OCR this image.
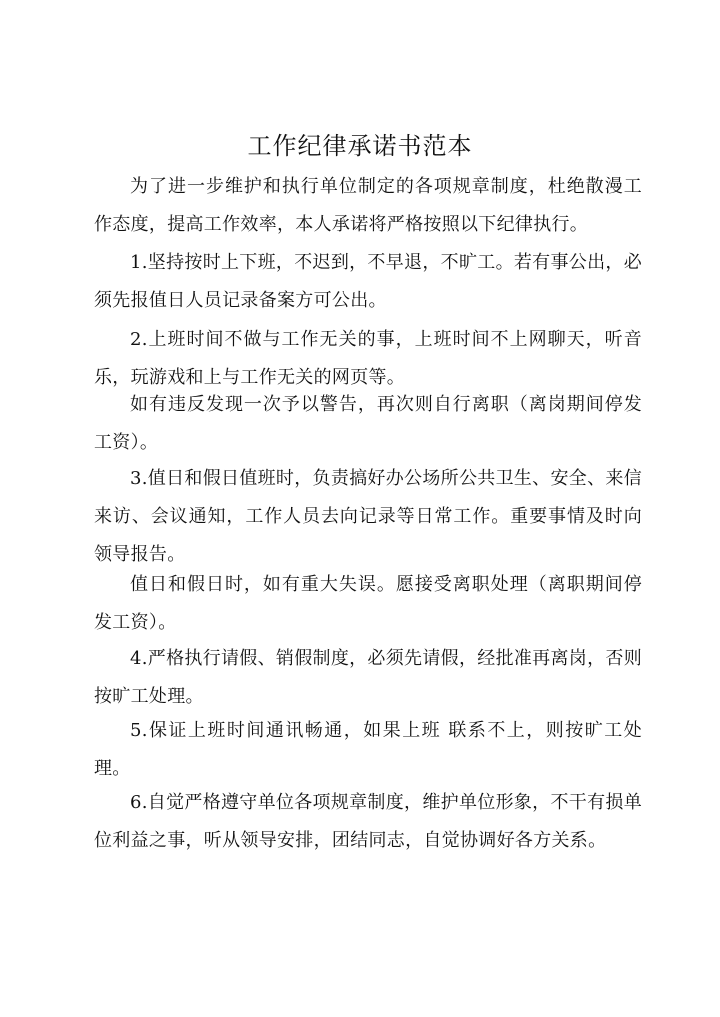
工作纪律承诺书范本

为了进一步维护和执行单位制定的各项规章制度，杜绝散漫工作态度，提高工作效率，本人承诺将严格按照以下纪律执行。

1.坚持按时上下班，不迟到，不早退，不旷工。若有事公出，必须先报值日人员记录备案方可公出。

2.上班时间不做与工作无关的事，上班时间不上网聊天，听音乐，玩游戏和上与工作无关的网页等。

如有违反发现一次予以警告，再次则自行离职（离岗期间停发工资）。

3.值日和假日值班时，负责搞好办公场所公共卫生、安全、来信来访、会议通知，工作人员去向记录等日常工作。重要事情及时向领导报告。

值日和假日时，如有重大失误。愿接受离职处理（离职期间停发工资）。

4.严格执行请假、销假制度，必须先请假，经批准再离岗，否则按旷工处理。

5.保证上班时间通讯畅通，如果上班 联系不上，则按旷工处理。

6.自觉严格遵守单位各项规章制度，维护单位形象，不干有损单位利益之事，听从领导安排，团结同志，自觉协调好各方关系。
